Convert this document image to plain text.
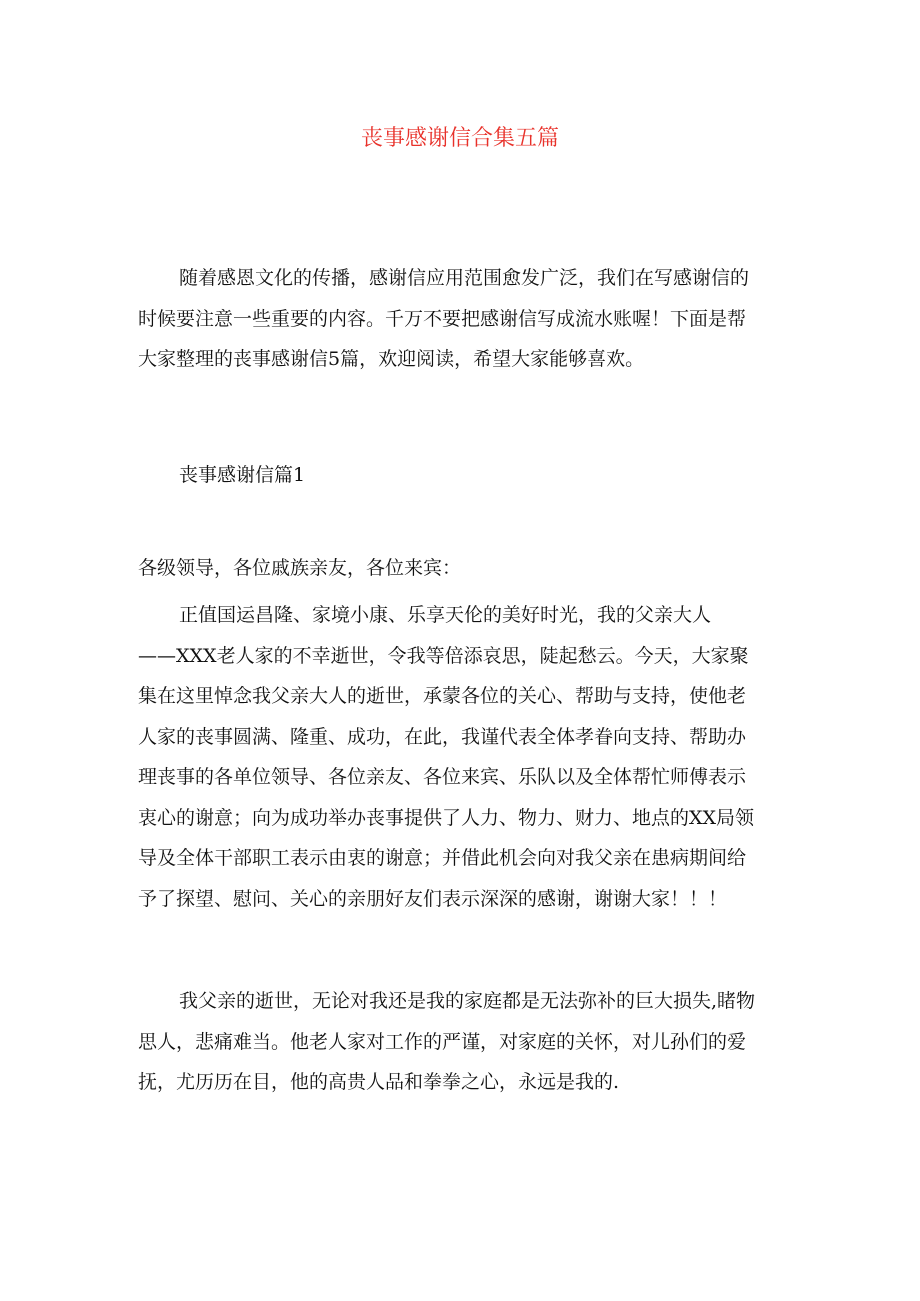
丧事感谢信合集五篇
随着感恩文化的传播，感谢信应用范围愈发广泛，我们在写感谢信的
时候要注意一些重要的内容。千万不要把感谢信写成流水账喔！下面是帮
大家整理的丧事感谢信5篇，欢迎阅读，希望大家能够喜欢。
丧事感谢信篇1
各级领导，各位戚族亲友，各位来宾：
正值国运昌隆、家境小康、乐享天伦的美好时光，我的父亲大人
——XXX老人家的不幸逝世，令我等倍添哀思，陡起愁云。今天，大家聚
集在这里悼念我父亲大人的逝世，承蒙各位的关心、帮助与支持，使他老
人家的丧事圆满、隆重、成功，在此，我谨代表全体孝眷向支持、帮助办
理丧事的各单位领导、各位亲友、各位来宾、乐队以及全体帮忙师傅表示
衷心的谢意；向为成功举办丧事提供了人力、物力、财力、地点的XX局领
导及全体干部职工表示由衷的谢意；并借此机会向对我父亲在患病期间给
予了探望、慰问、关心的亲朋好友们表示深深的感谢，谢谢大家！！！
我父亲的逝世，无论对我还是我的家庭都是无法弥补的巨大损失,睹物
思人，悲痛难当。他老人家对工作的严谨，对家庭的关怀，对儿孙们的爱
抚，尤历历在目，他的高贵人品和拳拳之心，永远是我的.
